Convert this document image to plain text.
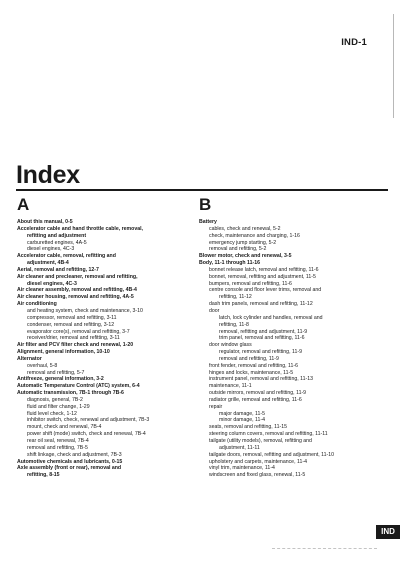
IND-1
Index
A
About this manual, 0-5
Accelerator cable and hand throttle cable, removal,
refitting and adjustment
carburetted engines, 4A-5
diesel engines, 4C-3
Accelerator cable, removal, refitting and
adjustment, 4B-4
Aerial, removal and refitting, 12-7
Air cleaner and precleaner, removal and refitting,
diesel engines, 4C-3
Air cleaner assembly, removal and refitting, 4B-4
Air cleaner housing, removal and refitting, 4A-5
Air conditioning
and heating system, check and maintenance, 3-10
compressor, removal and refitting, 3-11
condenser, removal and refitting, 3-12
evaporator core(s), removal and refitting, 3-7
receiver/drier, removal and refitting, 3-11
Air filter and PCV filter check and renewal, 1-20
Alignment, general information, 10-10
Alternator
overhaul, 5-8
removal and refitting, 5-7
Antifreeze, general information, 3-2
Automatic Temperature Control (ATC) system, 6-4
Automatic transmission, 7B-1 through 7B-6
diagnosis, general, 7B-2
fluid and filter change, 1-29
fluid level check, 1-12
inhibitor switch, check, renewal and adjustment, 7B-3
mount, check and renewal, 7B-4
power shift (mode) switch, check and renewal, 7B-4
rear oil seal, renewal, 7B-4
removal and refitting, 7B-5
shift linkage, check and adjustment, 7B-3
Automotive chemicals and lubricants, 0-15
Axle assembly (front or rear), removal and
refitting, 8-15
B
Battery
cables, check and renewal, 5-2
check, maintenance and charging, 1-16
emergency jump starting, 5-2
removal and refitting, 5-2
Blower motor, check and renewal, 3-5
Body, 11-1 through 11-16
bonnet release latch, removal and refitting, 11-6
bonnet, removal, refitting and adjustment, 11-5
bumpers, removal and refitting, 11-6
centre console and floor lever trims, removal and
refitting, 11-12
dash trim panels, removal and refitting, 11-12
door
latch, lock cylinder and handles, removal and
refitting, 11-8
removal, refitting and adjustment, 11-9
trim panel, removal and refitting, 11-6
door window glass
regulator, removal and refitting, 11-9
removal and refitting, 11-9
front fender, removal and refitting, 11-6
hinges and locks, maintenance, 11-5
instrument panel, removal and refitting, 11-13
maintenance, 11-1
outside mirrors, removal and refitting, 11-9
radiator grille, removal and refitting, 11-6
repair
major damage, 11-5
minor damage, 11-4
seats, removal and refitting, 11-15
steering column covers, removal and refitting, 11-11
tailgate (utility models), removal, refitting and
adjustment, 11-11
tailgate doors, removal, refitting and adjustment, 11-10
upholstery and carpets, maintenance, 11-4
vinyl trim, maintenance, 11-4
windscreen and fixed glass, renewal, 11-5
IND
